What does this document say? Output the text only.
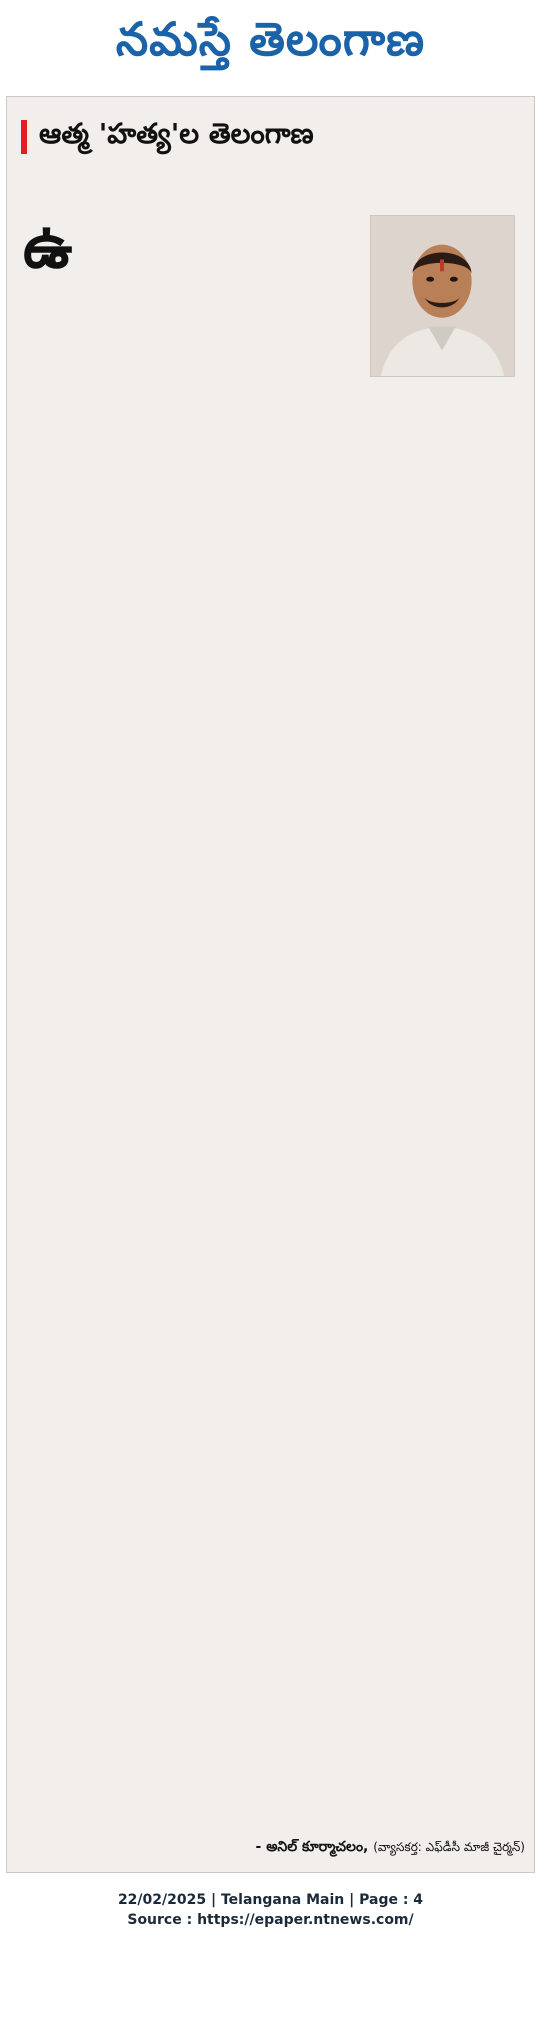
నమస్తే తెలంగాణ
ఆత్మ 'హత్య'ల తెలంగాణ
ఉ

- అనిల్ కూర్మాచలం, (వ్యాసకర్త: ఎఫ్‌డీసీ మాజీ చైర్మన్)
22/02/2025 | Telangana Main | Page : 4
Source : https://epaper.ntnews.com/
